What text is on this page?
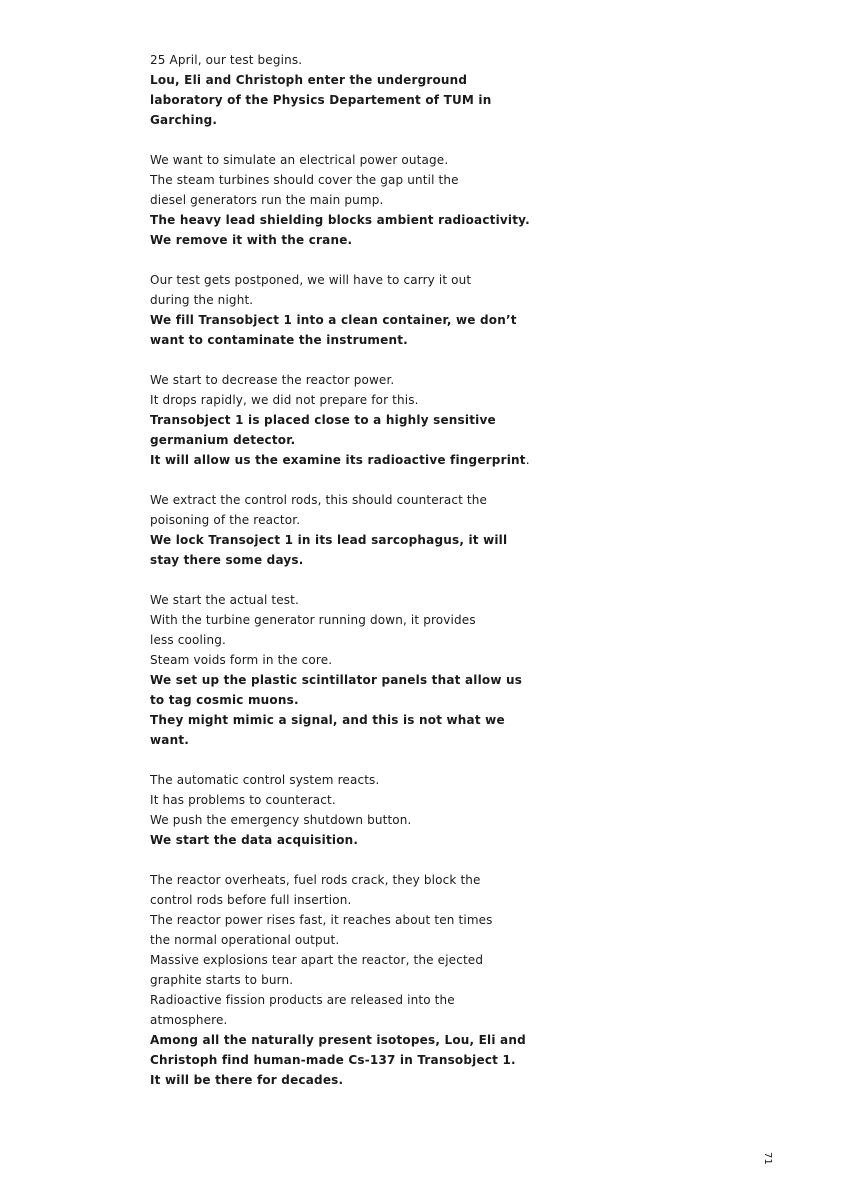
25 April, our test begins.
Lou, Eli and Christoph enter the underground
laboratory of the Physics Departement of TUM in
Garching.
We want to simulate an electrical power outage.
The steam turbines should cover the gap until the
diesel generators run the main pump.
The heavy lead shielding blocks ambient radioactivity.
We remove it with the crane.
Our test gets postponed, we will have to carry it out
during the night.
We fill Transobject 1 into a clean container, we don’t
want to contaminate the instrument.
We start to decrease the reactor power.
It drops rapidly, we did not prepare for this.
Transobject 1 is placed close to a highly sensitive
germanium detector.
It will allow us the examine its radioactive fingerprint.
We extract the control rods, this should counteract the
poisoning of the reactor.
We lock Transoject 1 in its lead sarcophagus, it will
stay there some days.
We start the actual test.
With the turbine generator running down, it provides
less cooling.
Steam voids form in the core.
We set up the plastic scintillator panels that allow us
to tag cosmic muons.
They might mimic a signal, and this is not what we
want.
The automatic control system reacts.
It has problems to counteract.
We push the emergency shutdown button.
We start the data acquisition.
The reactor overheats, fuel rods crack, they block the
control rods before full insertion.
The reactor power rises fast, it reaches about ten times
the normal operational output.
Massive explosions tear apart the reactor, the ejected
graphite starts to burn.
Radioactive fission products are released into the
atmosphere.
Among all the naturally present isotopes, Lou, Eli and
Christoph find human-made Cs-137 in Transobject 1.
It will be there for decades.
71
